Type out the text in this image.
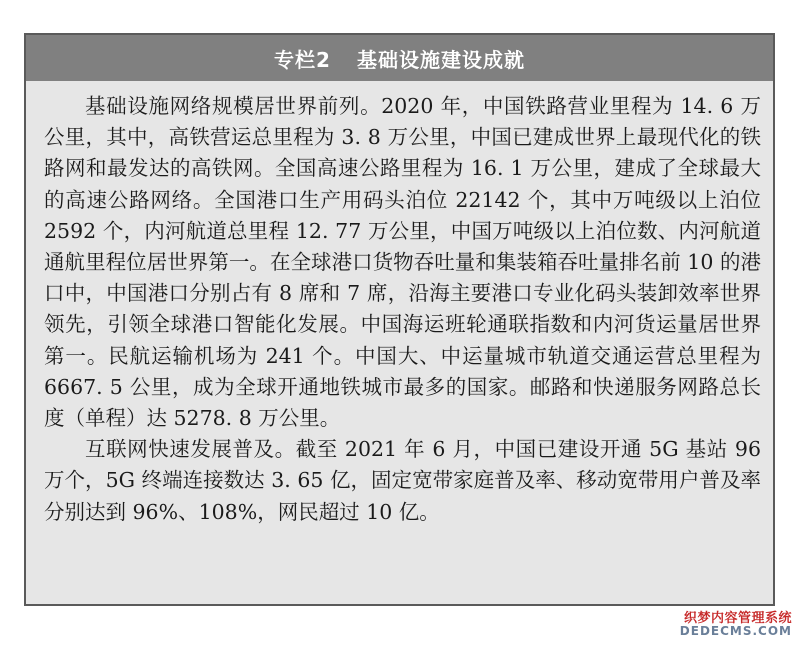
专栏2 基础设施建设成就

基础设施网络规模居世界前列。2020 年，中国铁路营业里程为 14. 6 万公里，其中，高铁营运总里程为 3. 8 万公里，中国已建成世界上最现代化的铁路网和最发达的高铁网。全国高速公路里程为 16. 1 万公里，建成了全球最大的高速公路网络。全国港口生产用码头泊位 22142 个，其中万吨级以上泊位 2592 个，内河航道总里程 12. 77 万公里，中国万吨级以上泊位数、内河航道通航里程位居世界第一。在全球港口货物吞吐量和集装箱吞吐量排名前 10 的港口中，中国港口分别占有 8 席和 7 席，沿海主要港口专业化码头装卸效率世界领先，引领全球港口智能化发展。中国海运班轮通联指数和内河货运量居世界第一。民航运输机场为 241 个。中国大、中运量城市轨道交通运营总里程为 6667. 5 公里，成为全球开通地铁城市最多的国家。邮路和快递服务网路总长度（单程）达 5278. 8 万公里。

互联网快速发展普及。截至 2021 年 6 月，中国已建设开通 5G 基站 96 万个，5G 终端连接数达 3. 65 亿，固定宽带家庭普及率、移动宽带用户普及率分别达到 96%、108%，网民超过 10 亿。

织梦内容管理系统
DEDECMS.COM
